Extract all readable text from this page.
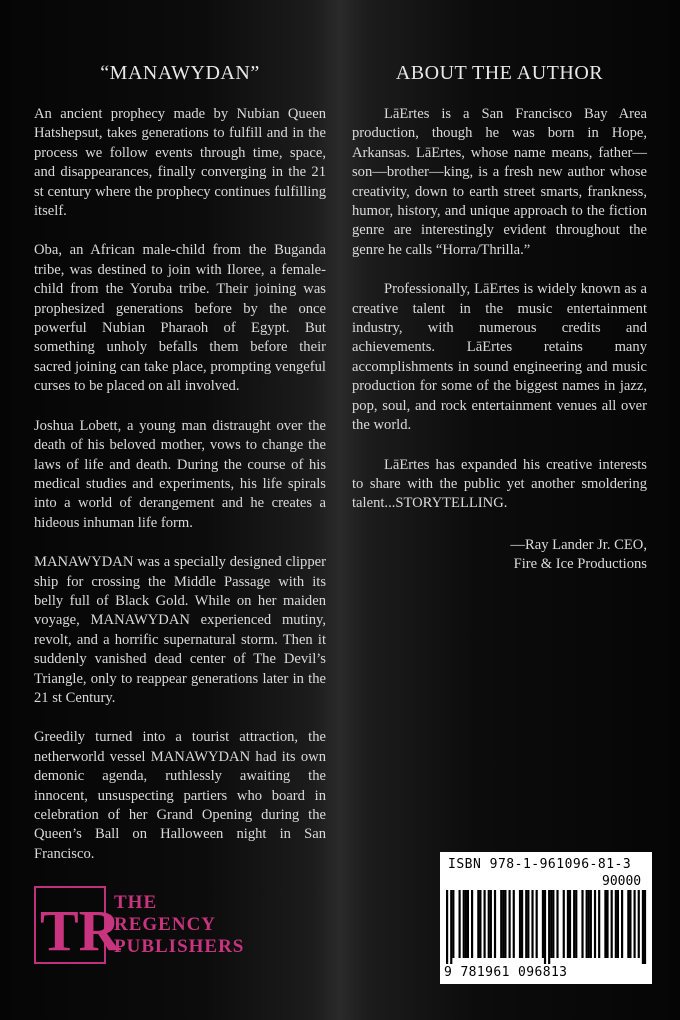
“MANAWYDAN”

An ancient prophecy made by Nubian Queen Hatshepsut, takes generations to fulfill and in the process we follow events through time, space, and disappearances, finally converging in the 21 st century where the prophecy continues fulfilling itself.

Oba, an African male-child from the Buganda tribe, was destined to join with Iloree, a female-child from the Yoruba tribe. Their joining was prophesized generations before by the once powerful Nubian Pharaoh of Egypt. But something unholy befalls them before their sacred joining can take place, prompting vengeful curses to be placed on all involved.

Joshua Lobett, a young man distraught over the death of his beloved mother, vows to change the laws of life and death. During the course of his medical studies and experiments, his life spirals into a world of derangement and he creates a hideous inhuman life form.

MANAWYDAN was a specially designed clipper ship for crossing the Middle Passage with its belly full of Black Gold. While on her maiden voyage, MANAWYDAN experienced mutiny, revolt, and a horrific supernatural storm. Then it suddenly vanished dead center of The Devil’s Triangle, only to reappear generations later in the 21 st Century.

Greedily turned into a tourist attraction, the netherworld vessel MANAWYDAN had its own demonic agenda, ruthlessly awaiting the innocent, unsuspecting partiers who board in celebration of her Grand Opening during the Queen’s Ball on Halloween night in San Francisco.

ABOUT THE AUTHOR

LāErtes is a San Francisco Bay Area production, though he was born in Hope, Arkansas. LāErtes, whose name means, father—son—brother—king, is a fresh new author whose creativity, down to earth street smarts, frankness, humor, history, and unique approach to the fiction genre are interestingly evident throughout the genre he calls “Horra/Thrilla.”

Professionally, LāErtes is widely known as a creative talent in the music entertainment industry, with numerous credits and achievements. LāErtes retains many accomplishments in sound engineering and music production for some of the biggest names in jazz, pop, soul, and rock entertainment venues all over the world.

LāErtes has expanded his creative interests to share with the public yet another smoldering talent...STORYTELLING.

—Ray Lander Jr. CEO,
Fire & Ice Productions

TR
THE
REGENCY
PUBLISHERS
ISBN 978-1-961096-81-3
90000
9 781961 096813
